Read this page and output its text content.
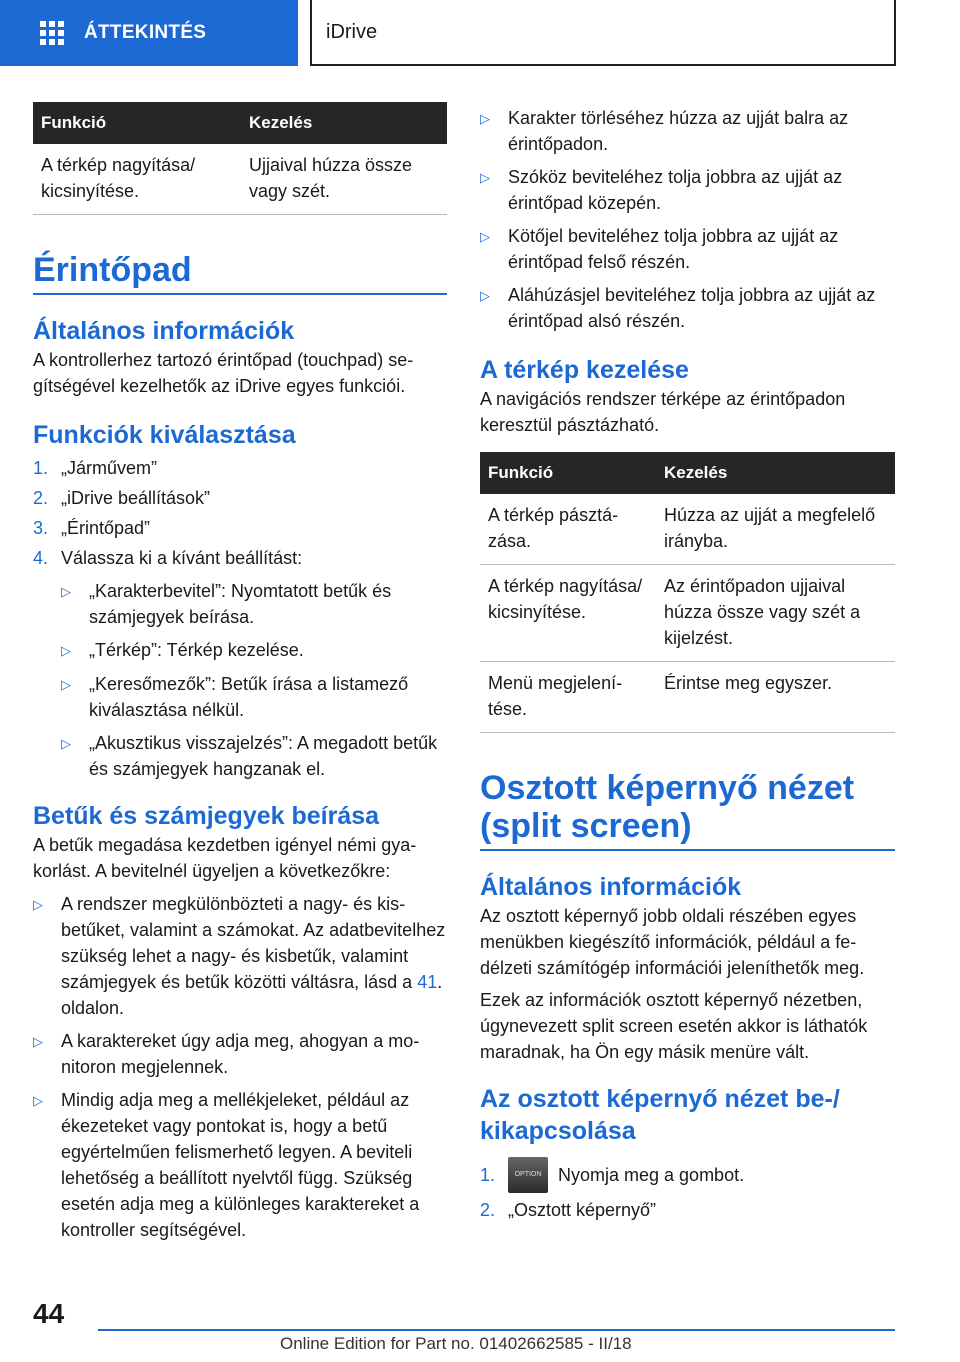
ÁTTEKINTÉS	iDrive
Funkció	Kezelés
A térkép nagyítása/
kicsinyítése.	Ujjaival húzza össze
vagy szét.
Érintőpad
Általános információk

A kontrollerhez tartozó érintőpad (touchpad) segítségével kezelhetők az iDrive egyes funkciói.

Funkciók kiválasztása
1. „Járművem”
2. „iDrive beállítások”
3. „Érintőpad”
4. Válassza ki a kívánt beállítást:
▷	„Karakterbevitel”: Nyomtatott betűk és számjegyek beírása.
▷	„Térkép”: Térkép kezelése.
▷	„Keresőmezők”: Betűk írása a listamező kiválasztása nélkül.
▷	„Akusztikus visszajelzés”: A megadott betűk és számjegyek hangzanak el.
Betűk és számjegyek beírása

A betűk megadása kezdetben igényel némi gyakorlást. A bevitelnél ügyeljen a következőkre:

▷	A rendszer megkülönbözteti a nagy- és kisbetűket, valamint a számokat. Az adatbevitelhez szükség lehet a nagy- és kisbetűk, valamint számjegyek és betűk közötti váltásra, lásd a 41. oldalon.
▷	A karaktereket úgy adja meg, ahogyan a monitoron megjelennek.
▷	Mindig adja meg a mellékjeleket, például az ékezeteket vagy pontokat is, hogy a betű egyértelműen felismerhető legyen. A beviteli lehetőség a beállított nyelvtől függ. Szükség esetén adja meg a különleges karaktereket a kontroller segítségével.
▷	Karakter törléséhez húzza az ujját balra az érintőpadon.
▷	Szóköz beviteléhez tolja jobbra az ujját az érintőpad közepén.
▷	Kötőjel beviteléhez tolja jobbra az ujját az érintőpad felső részén.
▷	Aláhúzásjel beviteléhez tolja jobbra az ujját az érintőpad alsó részén.
A térkép kezelése

A navigációs rendszer térképe az érintőpadon keresztül pásztázható.

Funkció	Kezelés
A térkép pásztázása.	Húzza az ujját a megfelelő irányba.
A térkép nagyítása/
kicsinyítése.	Az érintőpadon ujjaival húzza össze vagy szét a kijelzést.
Menü megjelenítése.	Érintse meg egyszer.
Osztott képernyő nézet (split screen)
Általános információk

Az osztott képernyő jobb oldali részében egyes menükben kiegészítő információk, például a fedélzeti számítógép információi jeleníthetők meg.

Ezek az információk osztott képernyő nézetben, úgynevezett split screen esetén akkor is láthatók maradnak, ha Ön egy másik menüre vált.

Az osztott képernyő nézet be-/ kikapcsolása
1.	OPTION Nyomja meg a gombot.
2. „Osztott képernyő”
44
Online Edition for Part no. 01402662585 - II/18
